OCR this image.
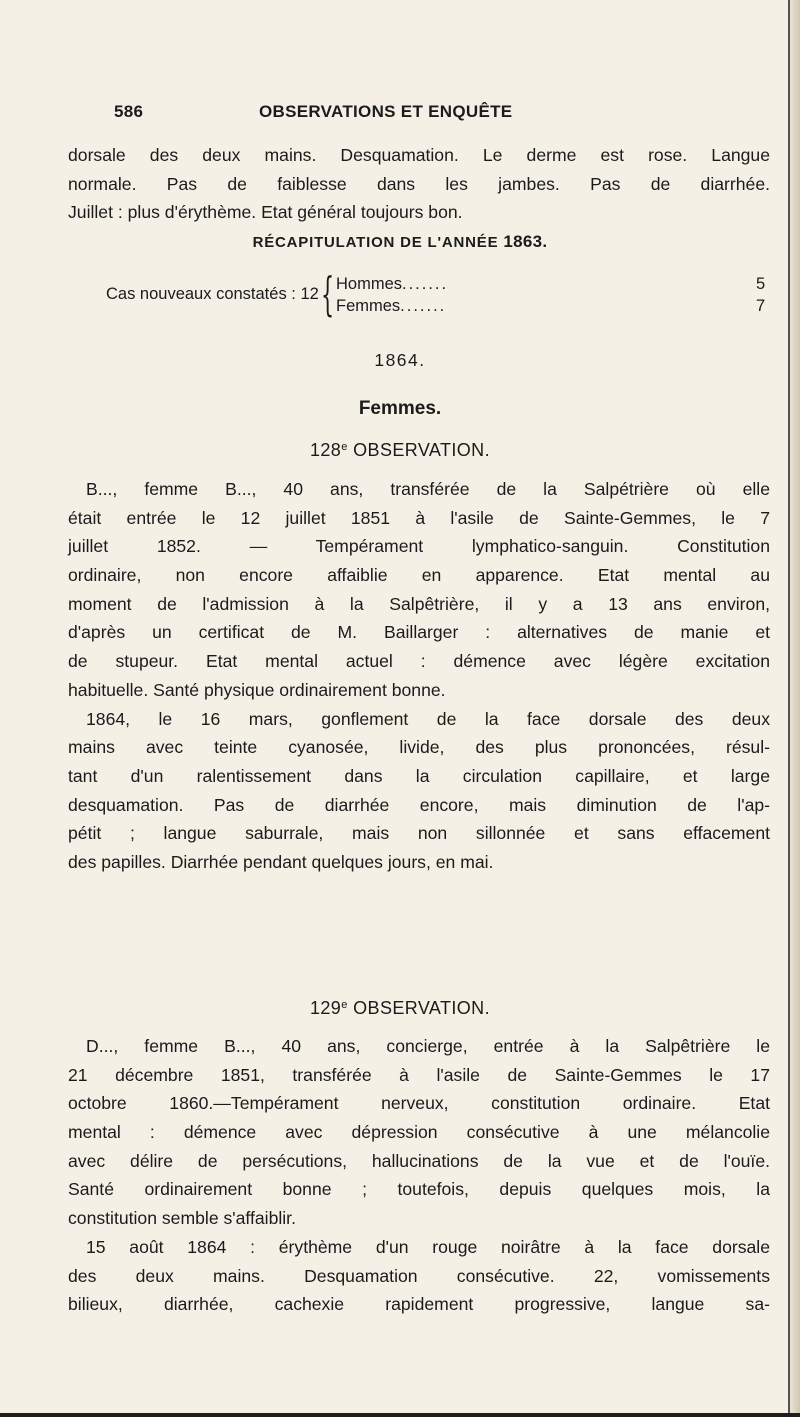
586	OBSERVATIONS ET ENQUÊTE
dorsale des deux mains. Desquamation. Le derme est rose. Langue
normale. Pas de faiblesse dans les jambes. Pas de diarrhée.
Juillet : plus d'érythème. Etat général toujours bon.
RÉCAPITULATION DE L'ANNÉE 1863.
Cas nouveaux constatés : 12 { Hommes.......	5
Femmes.......	7
1864.
Femmes.
128e OBSERVATION.
B..., femme B..., 40 ans, transférée de la Salpétrière où elle
était entrée le 12 juillet 1851 à l'asile de Sainte-Gemmes, le 7
juillet 1852. — Tempérament lymphatico-sanguin. Constitution
ordinaire, non encore affaiblie en apparence. Etat mental au
moment de l'admission à la Salpêtrière, il y a 13 ans environ,
d'après un certificat de M. Baillarger : alternatives de manie et
de stupeur. Etat mental actuel : démence avec légère excitation
habituelle. Santé physique ordinairement bonne.
1864, le 16 mars, gonflement de la face dorsale des deux
mains avec teinte cyanosée, livide, des plus prononcées, résul-
tant d'un ralentissement dans la circulation capillaire, et large
desquamation. Pas de diarrhée encore, mais diminution de l'ap-
pétit ; langue saburrale, mais non sillonnée et sans effacement
des papilles. Diarrhée pendant quelques jours, en mai.
129e OBSERVATION.
D..., femme B..., 40 ans, concierge, entrée à la Salpêtrière le
21 décembre 1851, transférée à l'asile de Sainte-Gemmes le 17
octobre 1860.—Tempérament nerveux, constitution ordinaire. Etat
mental : démence avec dépression consécutive à une mélancolie
avec délire de persécutions, hallucinations de la vue et de l'ouïe.
Santé ordinairement bonne ; toutefois, depuis quelques mois, la
constitution semble s'affaiblir.
15 août 1864 : érythème d'un rouge noirâtre à la face dorsale
des deux mains. Desquamation consécutive. 22, vomissements
bilieux, diarrhée, cachexie rapidement progressive, langue sa-
